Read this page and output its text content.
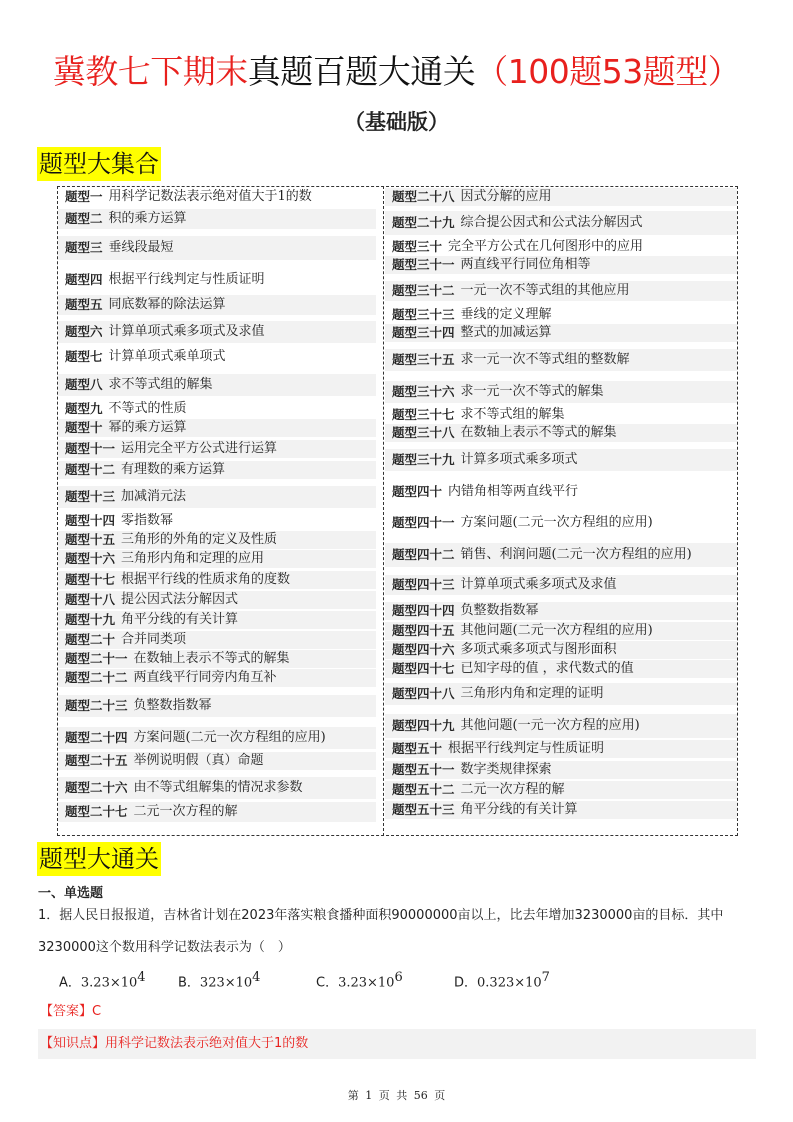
冀教七下期末真题百题大通关（100题53题型）
（基础版）
题型大集合
题型一 用科学记数法表示绝对值大于1的数
题型二 积的乘方运算
题型三 垂线段最短
题型四 根据平行线判定与性质证明
题型五 同底数幂的除法运算
题型六 计算单项式乘多项式及求值
题型七 计算单项式乘单项式
题型八 求不等式组的解集
题型九 不等式的性质
题型十 幂的乘方运算
题型十一 运用完全平方公式进行运算
题型十二 有理数的乘方运算
题型十三 加减消元法
题型十四 零指数幂
题型十五 三角形的外角的定义及性质
题型十六 三角形内角和定理的应用
题型十七 根据平行线的性质求角的度数
题型十八 提公因式法分解因式
题型十九 角平分线的有关计算
题型二十 合并同类项
题型二十一 在数轴上表示不等式的解集
题型二十二 两直线平行同旁内角互补
题型二十三 负整数指数幂
题型二十四 方案问题(二元一次方程组的应用)
题型二十五 举例说明假（真）命题
题型二十六 由不等式组解集的情况求参数
题型二十七 二元一次方程的解
题型二十八 因式分解的应用
题型二十九 综合提公因式和公式法分解因式
题型三十 完全平方公式在几何图形中的应用
题型三十一 两直线平行同位角相等
题型三十二 一元一次不等式组的其他应用
题型三十三 垂线的定义理解
题型三十四 整式的加减运算
题型三十五 求一元一次不等式组的整数解
题型三十六 求一元一次不等式的解集
题型三十七 求不等式组的解集
题型三十八 在数轴上表示不等式的解集
题型三十九 计算多项式乘多项式
题型四十 内错角相等两直线平行
题型四十一 方案问题(二元一次方程组的应用)
题型四十二 销售、利润问题(二元一次方程组的应用)
题型四十三 计算单项式乘多项式及求值
题型四十四 负整数指数幂
题型四十五 其他问题(二元一次方程组的应用)
题型四十六 多项式乘多项式与图形面积
题型四十七 已知字母的值 ，求代数式的值
题型四十八 三角形内角和定理的证明
题型四十九 其他问题(一元一次方程的应用)
题型五十 根据平行线判定与性质证明
题型五十一 数字类规律探索
题型五十二 二元一次方程的解
题型五十三 角平分线的有关计算
题型大通关
一、单选题
1．据人民日报报道，吉林省计划在2023年落实粮食播种面积90000000亩以上，比去年增加3230000亩的目标．其中
3230000这个数用科学记数法表示为（　）
A．$3.23\times 10^4$ B．$323\times 10^4$	C．$3.23\times 10^6$	D．$0.323\times 10^7$
【答案】C
【知识点】用科学记数法表示绝对值大于1的数
第 1 页 共 56 页
